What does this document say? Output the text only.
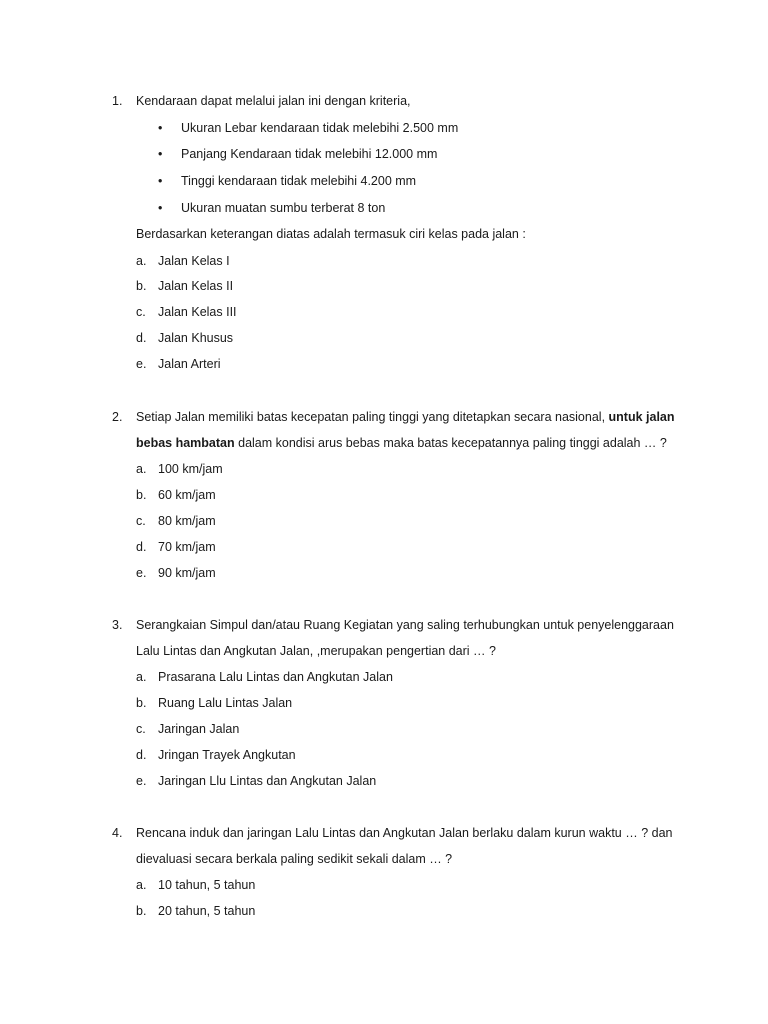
1. Kendaraan dapat melalui jalan ini dengan kriteria,
• Ukuran Lebar kendaraan tidak melebihi 2.500 mm
• Panjang Kendaraan tidak melebihi 12.000 mm
• Tinggi kendaraan tidak melebihi 4.200 mm
• Ukuran muatan sumbu terberat 8 ton
Berdasarkan keterangan diatas adalah termasuk ciri kelas pada jalan :
a. Jalan Kelas I
b. Jalan Kelas II
c. Jalan Kelas III
d. Jalan Khusus
e. Jalan Arteri
2. Setiap Jalan memiliki batas kecepatan paling tinggi yang ditetapkan secara nasional, untuk jalan
bebas hambatan dalam kondisi arus bebas maka batas kecepatannya paling tinggi adalah … ?
a. 100 km/jam
b. 60 km/jam
c. 80 km/jam
d. 70 km/jam
e. 90 km/jam
3. Serangkaian Simpul dan/atau Ruang Kegiatan yang saling terhubungkan untuk penyelenggaraan
Lalu Lintas dan Angkutan Jalan, ,merupakan pengertian dari … ?
a. Prasarana Lalu Lintas dan Angkutan Jalan
b. Ruang Lalu Lintas Jalan
c. Jaringan Jalan
d. Jringan Trayek Angkutan
e. Jaringan Llu Lintas dan Angkutan Jalan
4. Rencana induk dan jaringan Lalu Lintas dan Angkutan Jalan berlaku dalam kurun waktu … ? dan
dievaluasi secara berkala paling sedikit sekali dalam … ?
a. 10 tahun, 5 tahun
b. 20 tahun, 5 tahun
